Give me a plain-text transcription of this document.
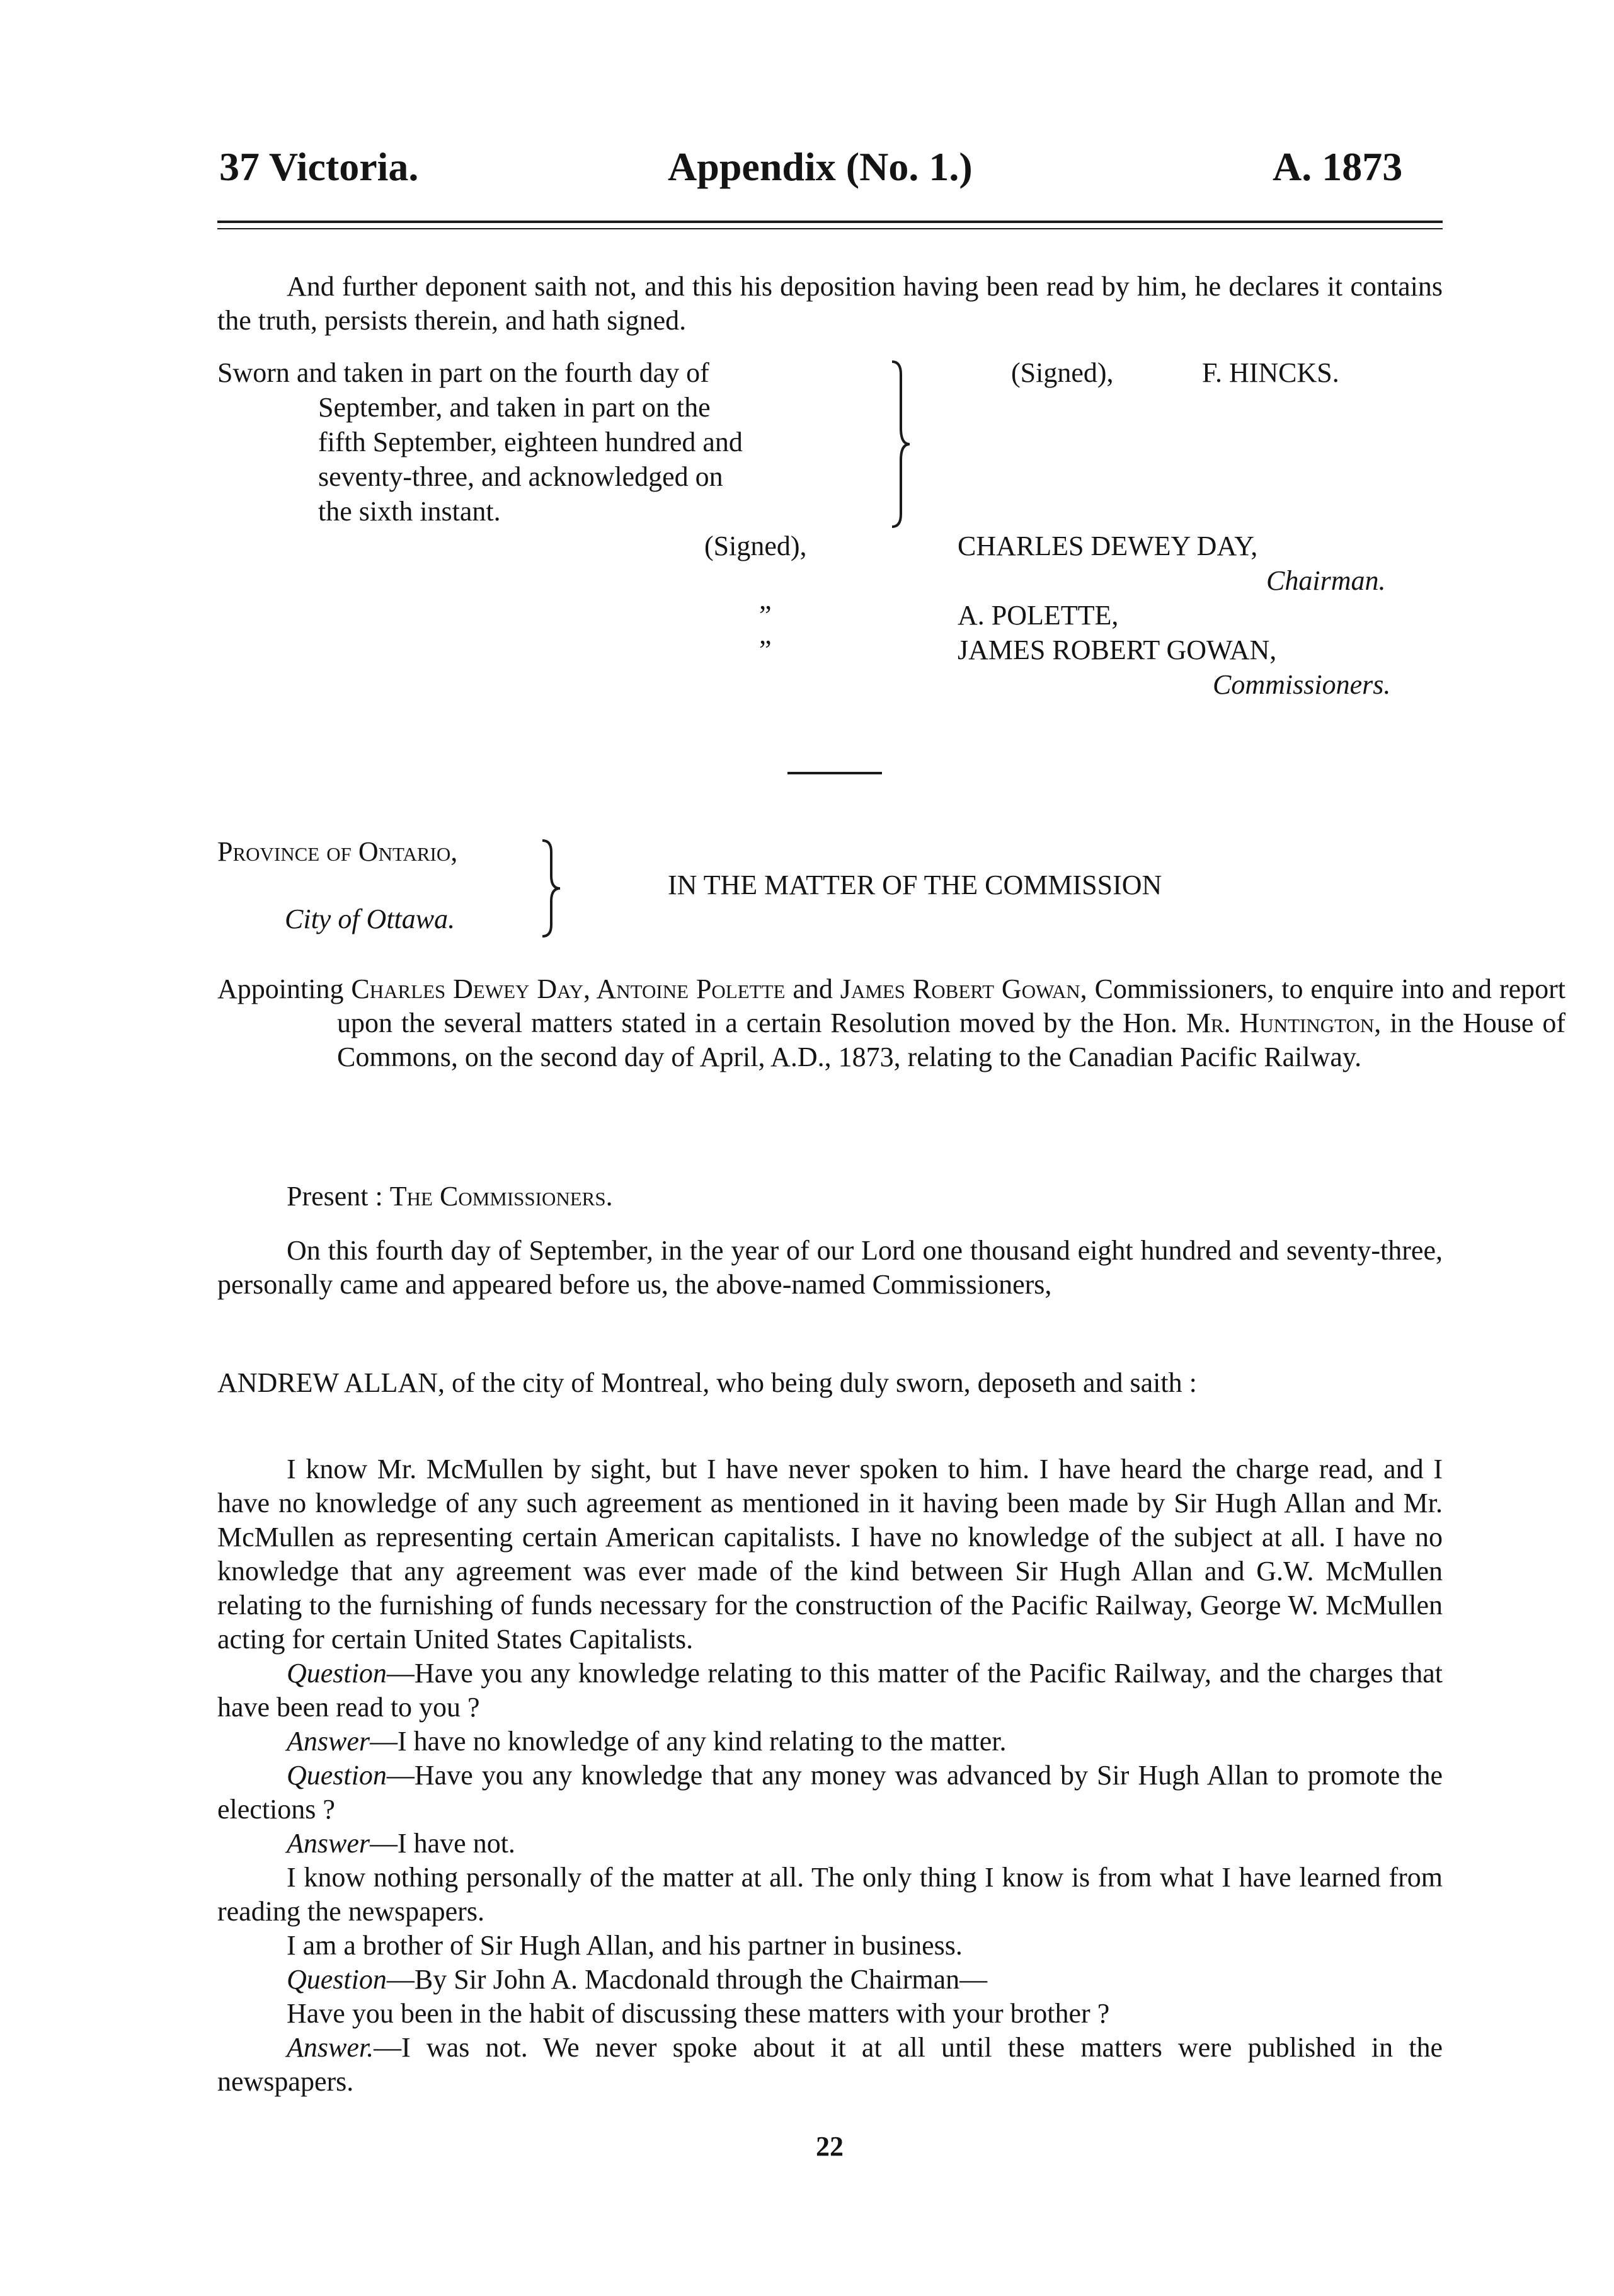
37 Victoria.	Appendix (No. 1.)	A. 1873

And further deponent saith not, and this his deposition having been read by him, he declares it contains the truth, persists therein, and hath signed.

Sworn and taken in part on the fourth day of
September, and taken in part on the
fifth September, eighteen hundred and
seventy-three, and acknowledged on
the sixth instant.
(Signed),	F. HINCKS.
(Signed),	CHARLES DEWEY DAY,
Chairman.
”	A. POLETTE,
”	JAMES ROBERT GOWAN,
Commissioners.
Province of Ontario,
City of Ottawa.
IN THE MATTER OF THE COMMISSION

Appointing Charles Dewey Day, Antoine Polette and James Robert Gowan, Commissioners, to enquire into and report upon the several matters stated in a certain Resolution moved by the Hon. Mr. Huntington, in the House of Commons, on the second day of April, A.D., 1873, relating to the Canadian Pacific Railway.

Present : The Commissioners.

On this fourth day of September, in the year of our Lord one thousand eight hundred and seventy-three, personally came and appeared before us, the above-named Commissioners,

ANDREW ALLAN, of the city of Montreal, who being duly sworn, deposeth and saith :

I know Mr. McMullen by sight, but I have never spoken to him. I have heard the charge read, and I have no knowledge of any such agreement as mentioned in it having been made by Sir Hugh Allan and Mr. McMullen as representing certain American capitalists. I have no knowledge of the subject at all. I have no knowledge that any agreement was ever made of the kind between Sir Hugh Allan and G.W. McMullen relating to the furnishing of funds necessary for the construction of the Pacific Railway, George W. McMullen acting for certain United States Capitalists.

Question—Have you any knowledge relating to this matter of the Pacific Railway, and the charges that have been read to you ?

Answer—I have no knowledge of any kind relating to the matter.

Question—Have you any knowledge that any money was advanced by Sir Hugh Allan to promote the elections ?

Answer—I have not.

I know nothing personally of the matter at all. The only thing I know is from what I have learned from reading the newspapers.

I am a brother of Sir Hugh Allan, and his partner in business.

Question—By Sir John A. Macdonald through the Chairman—

Have you been in the habit of discussing these matters with your brother ?

Answer.—I was not. We never spoke about it at all until these matters were published in the newspapers.

22
